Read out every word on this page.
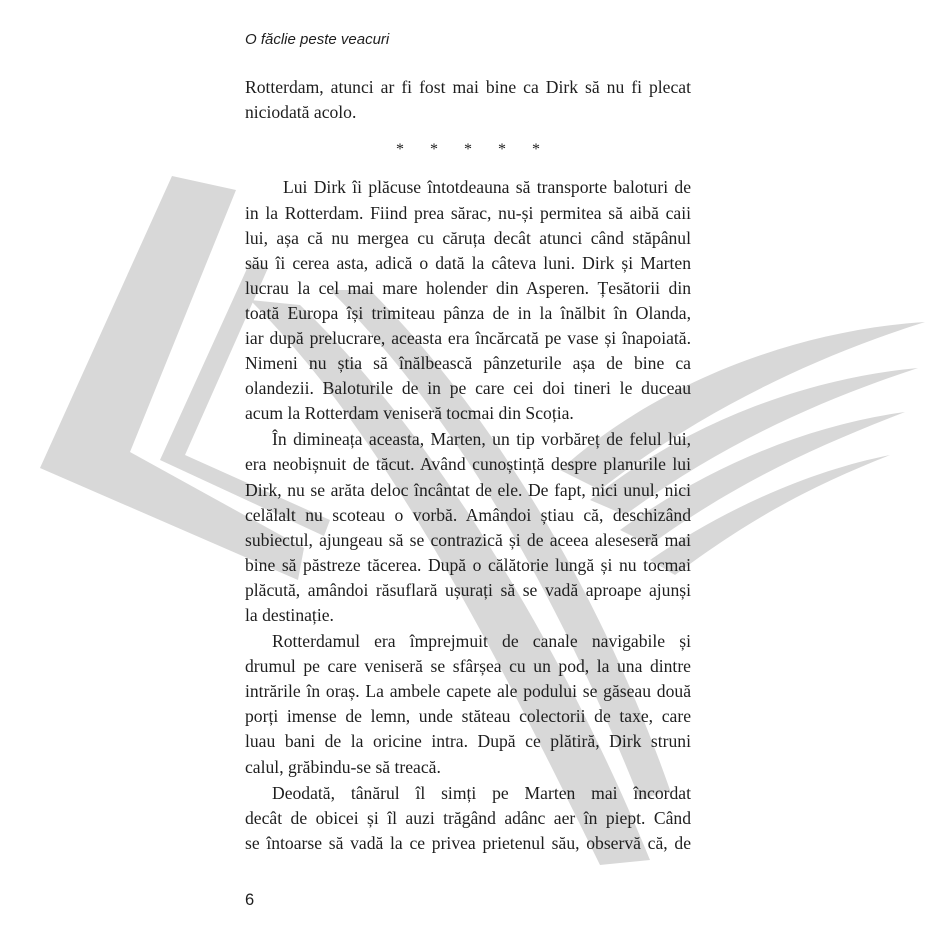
O făclie peste veacuri
Rotterdam, atunci ar fi fost mai bine ca Dirk să nu fi plecat
niciodată acolo.
* * * * *
Lui Dirk îi plăcuse întotdeauna să transporte baloturi de
in la Rotterdam. Fiind prea sărac, nu-și permitea să aibă caii
lui, așa că nu mergea cu căruța decât atunci când stăpânul
său îi cerea asta, adică o dată la câteva luni. Dirk și Marten
lucrau la cel mai mare holender din Asperen. Țesătorii din
toată Europa își trimiteau pânza de in la înălbit în Olanda,
iar după prelucrare, aceasta era încărcată pe vase și înapoiată.
Nimeni nu știa să înălbească pânzeturile așa de bine ca
olandezii. Baloturile de in pe care cei doi tineri le duceau
acum la Rotterdam veniseră tocmai din Scoția.
În dimineața aceasta, Marten, un tip vorbăreț de felul lui,
era neobișnuit de tăcut. Având cunoștință despre planurile lui
Dirk, nu se arăta deloc încântat de ele. De fapt, nici unul, nici
celălalt nu scoteau o vorbă. Amândoi știau că, deschizând
subiectul, ajungeau să se contrazică și de aceea aleseseră mai
bine să păstreze tăcerea. După o călătorie lungă și nu tocmai
plăcută, amândoi răsuflară ușurați să se vadă aproape ajunși
la destinație.
Rotterdamul era împrejmuit de canale navigabile și
drumul pe care veniseră se sfârșea cu un pod, la una dintre
intrările în oraș. La ambele capete ale podului se găseau două
porți imense de lemn, unde stăteau colectorii de taxe, care
luau bani de la oricine intra. După ce plătiră, Dirk struni
calul, grăbindu-se să treacă.
Deodată, tânărul îl simți pe Marten mai încordat
decât de obicei și îl auzi trăgând adânc aer în piept. Când
se întoarse să vadă la ce privea prietenul său, observă că, de
6
